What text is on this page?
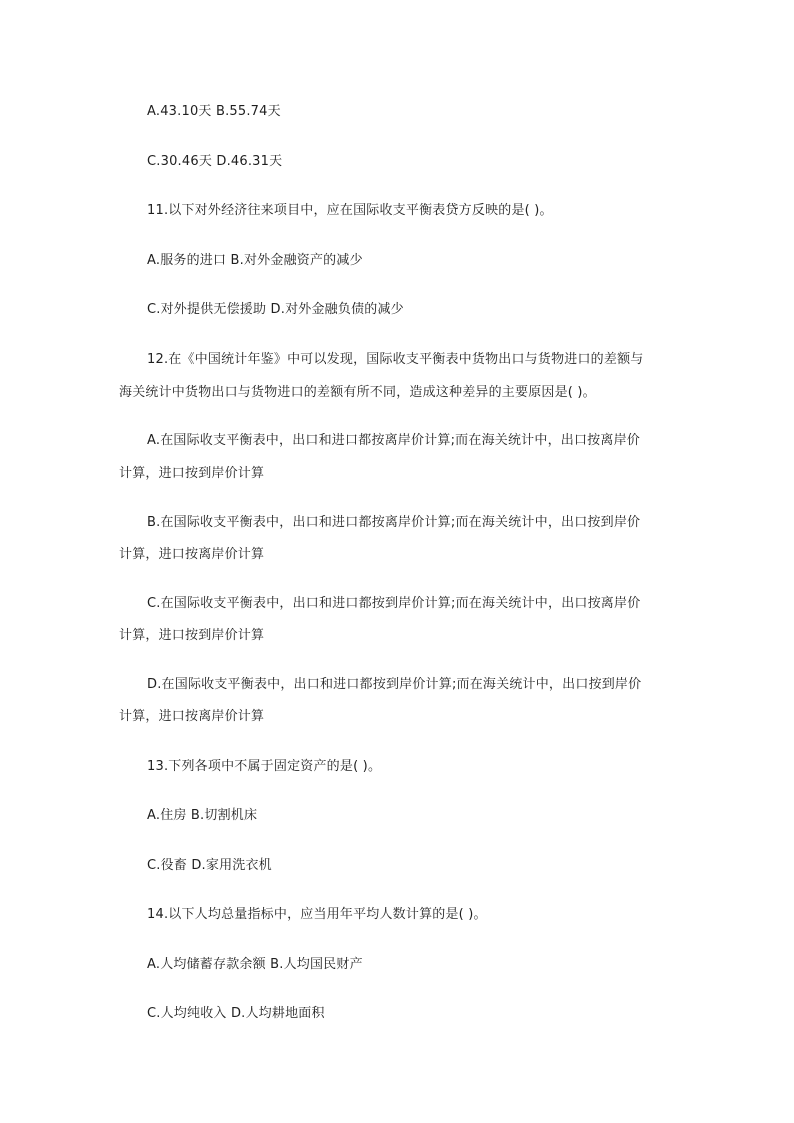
A.43.10天 B.55.74天
C.30.46天 D.46.31天
11.以下对外经济往来项目中，应在国际收支平衡表贷方反映的是( )。
A.服务的进口 B.对外金融资产的减少
C.对外提供无偿援助 D.对外金融负债的减少
12.在《中国统计年鉴》中可以发现，国际收支平衡表中货物出口与货物进口的差额与
海关统计中货物出口与货物进口的差额有所不同，造成这种差异的主要原因是( )。
A.在国际收支平衡表中，出口和进口都按离岸价计算;而在海关统计中，出口按离岸价
计算，进口按到岸价计算
B.在国际收支平衡表中，出口和进口都按离岸价计算;而在海关统计中，出口按到岸价
计算，进口按离岸价计算
C.在国际收支平衡表中，出口和进口都按到岸价计算;而在海关统计中，出口按离岸价
计算，进口按到岸价计算
D.在国际收支平衡表中，出口和进口都按到岸价计算;而在海关统计中，出口按到岸价
计算，进口按离岸价计算
13.下列各项中不属于固定资产的是( )。
A.住房 B.切割机床
C.役畜 D.家用洗衣机
14.以下人均总量指标中，应当用年平均人数计算的是( )。
A.人均储蓄存款余额 B.人均国民财产
C.人均纯收入 D.人均耕地面积
